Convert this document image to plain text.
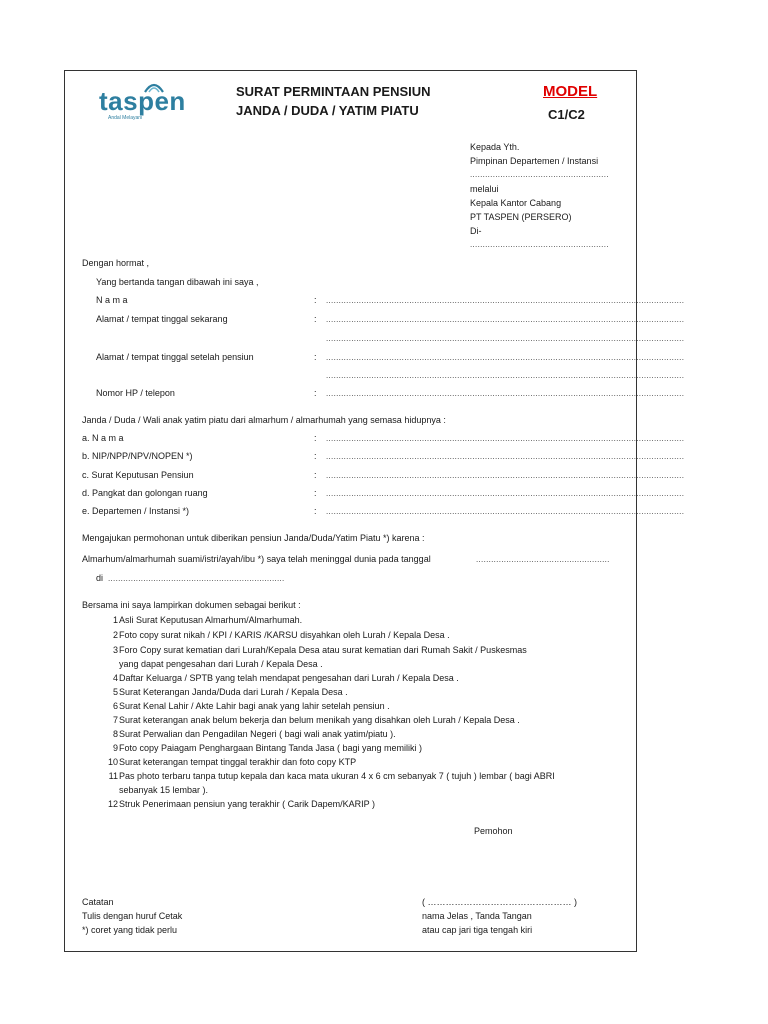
taspen
Andal Melayani
SURAT PERMINTAAN PENSIUN
JANDA / DUDA / YATIM PIATU
MODEL
C1/C2
Kepada Yth.
Pimpinan Departemen / Instansi
.......................................................
melalui
Kepala Kantor Cabang
PT TASPEN (PERSERO)
Di-
.......................................................
Dengan hormat ,
Yang bertanda tangan dibawah ini saya ,
N a m a	: ..............................................................................................................................................
Alamat / tempat tinggal sekarang	: ..............................................................................................................................................
..............................................................................................................................................
Alamat / tempat tinggal setelah pensiun	: ..............................................................................................................................................
..............................................................................................................................................
Nomor HP / telepon	: ..............................................................................................................................................
Janda / Duda / Wali anak yatim piatu dari almarhum / almarhumah yang semasa hidupnya :
a. N a m a	: ..............................................................................................................................................
b. NIP/NPP/NPV/NOPEN *)	: ..............................................................................................................................................
c. Surat Keputusan Pensiun	: ..............................................................................................................................................
d. Pangkat dan golongan ruang	: ..............................................................................................................................................
e. Departemen / Instansi *)	: ..............................................................................................................................................
Mengajukan permohonan untuk diberikan pensiun Janda/Duda/Yatim Piatu *) karena :
Almarhum/almarhumah suami/istri/ayah/ibu *) saya telah meninggal dunia pada tanggal	.....................................................
di ......................................................................
Bersama ini saya lampirkan dokumen sebagai berikut :
1 Asli Surat Keputusan Almarhum/Almarhumah.
2 Foto copy surat nikah / KPI / KARIS /KARSU disyahkan oleh Lurah / Kepala Desa .
3 Foro Copy surat kematian dari Lurah/Kepala Desa atau surat kematian dari Rumah Sakit / Puskesmas
yang dapat pengesahan dari Lurah / Kepala Desa .
4 Daftar Keluarga / SPTB yang telah mendapat pengesahan dari Lurah / Kepala Desa .
5 Surat Keterangan Janda/Duda dari Lurah / Kepala Desa .
6 Surat Kenal Lahir / Akte Lahir bagi anak yang lahir setelah pensiun .
7 Surat keterangan anak belum bekerja dan belum menikah yang disahkan oleh Lurah / Kepala Desa .
8 Surat Perwalian dan Pengadilan Negeri ( bagi wali anak yatim/piatu ).
9 Foto copy Paiagam Penghargaan Bintang Tanda Jasa ( bagi yang memiliki )
10 Surat keterangan tempat tinggal terakhir dan foto copy KTP
11 Pas photo terbaru tanpa tutup kepala dan kaca mata ukuran 4 x 6 cm sebanyak 7 ( tujuh ) lembar ( bagi ABRI
sebanyak 15 lembar ).
12 Struk Penerimaan pensiun yang terakhir ( Carik Dapem/KARIP )
Pemohon
Catatan
Tulis dengan huruf Cetak
*) coret yang tidak perlu
( ………………………………………… )
nama Jelas , Tanda Tangan
atau cap jari tiga tengah kiri
